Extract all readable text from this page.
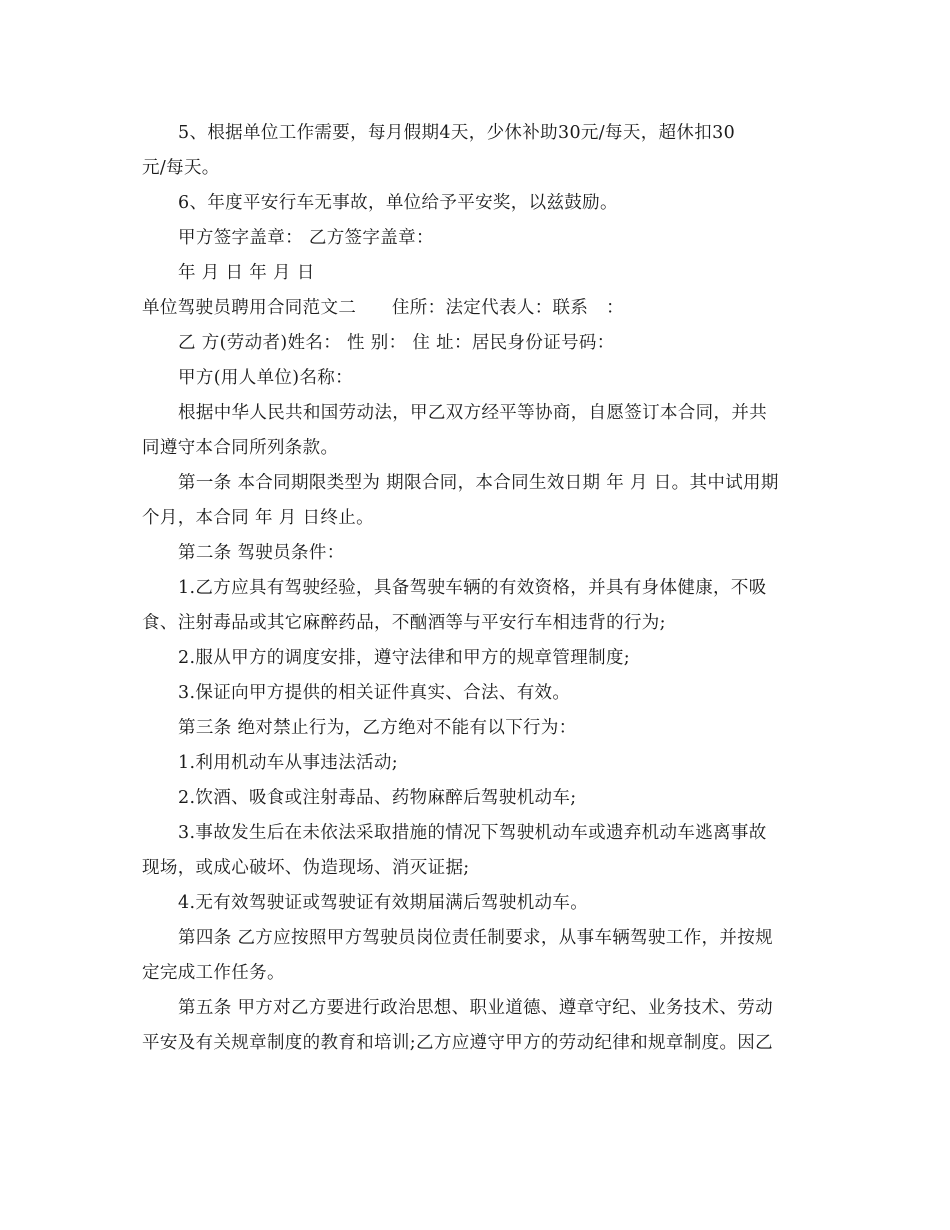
5、根据单位工作需要，每月假期4天，少休补助30元/每天，超休扣30

元/每天。

6、年度平安行车无事故，单位给予平安奖，以兹鼓励。

甲方签字盖章： 乙方签字盖章：

年 月 日 年 月 日

单位驾驶员聘用合同范文二　　住所：法定代表人：联系　：

乙 方(劳动者)姓名： 性 别： 住 址：居民身份证号码：

甲方(用人单位)名称：

根据中华人民共和国劳动法，甲乙双方经平等协商，自愿签订本合同，并共

同遵守本合同所列条款。

第一条 本合同期限类型为 期限合同，本合同生效日期 年 月 日。其中试用期

个月，本合同 年 月 日终止。

第二条 驾驶员条件：

1.乙方应具有驾驶经验，具备驾驶车辆的有效资格，并具有身体健康，不吸

食、注射毒品或其它麻醉药品，不酗酒等与平安行车相违背的行为;

2.服从甲方的调度安排，遵守法律和甲方的规章管理制度;

3.保证向甲方提供的相关证件真实、合法、有效。

第三条 绝对禁止行为，乙方绝对不能有以下行为：

1.利用机动车从事违法活动;

2.饮酒、吸食或注射毒品、药物麻醉后驾驶机动车;

3.事故发生后在未依法采取措施的情况下驾驶机动车或遗弃机动车逃离事故

现场，或成心破坏、伪造现场、消灭证据;

4.无有效驾驶证或驾驶证有效期届满后驾驶机动车。

第四条 乙方应按照甲方驾驶员岗位责任制要求，从事车辆驾驶工作，并按规

定完成工作任务。

第五条 甲方对乙方要进行政治思想、职业道德、遵章守纪、业务技术、劳动

平安及有关规章制度的教育和培训;乙方应遵守甲方的劳动纪律和规章制度。因乙
